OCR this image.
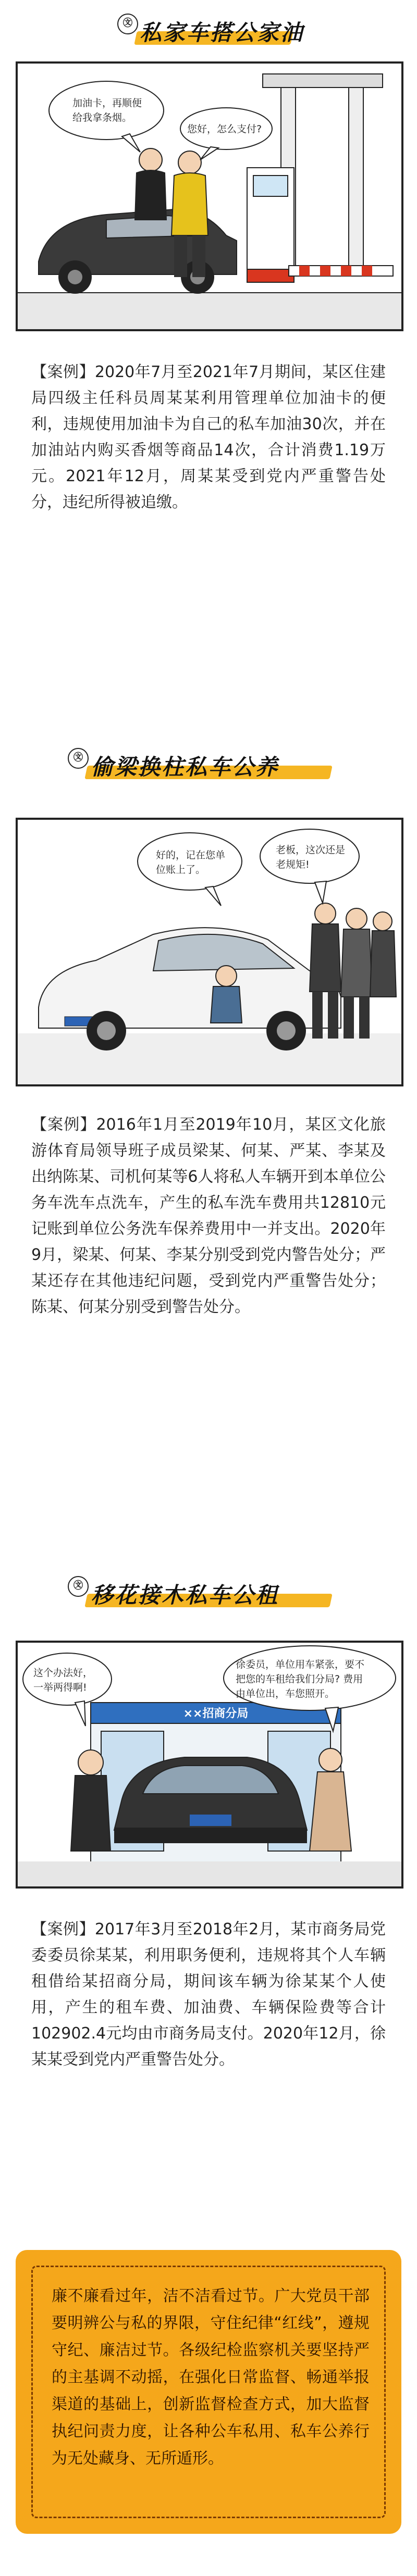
㉆ 私家车搭公家油
加油卡，再顺便
给我拿条烟。
您好，怎么支付?

【案例】2020年7月至2021年7月期间，某区住建局四级主任科员周某某利用管理单位加油卡的便利，违规使用加油卡为自己的私车加油30次，并在加油站内购买香烟等商品14次，合计消费1.19万元。2021年12月，周某某受到党内严重警告处分，违纪所得被追缴。

㉆ 偷梁换柱私车公养
好的，记在您单
位账上了。
老板，这次还是
老规矩!

【案例】2016年1月至2019年10月，某区文化旅游体育局领导班子成员梁某、何某、严某、李某及出纳陈某、司机何某等6人将私人车辆开到本单位公务车洗车点洗车，产生的私车洗车费用共12810元记账到单位公务洗车保养费用中一并支出。2020年9月，梁某、何某、李某分别受到党内警告处分；严某还存在其他违纪问题，受到党内严重警告处分；陈某、何某分别受到警告处分。

㉆ 移花接木私车公租
××招商分局
这个办法好，
一举两得啊!
徐委员，单位用车紧张，要不
把您的车租给我们分局? 费用
由单位出，车您照开。

【案例】2017年3月至2018年2月，某市商务局党委委员徐某某，利用职务便利，违规将其个人车辆租借给某招商分局，期间该车辆为徐某某个人使用，产生的租车费、加油费、车辆保险费等合计102902.4元均由市商务局支付。2020年12月，徐某某受到党内严重警告处分。

廉不廉看过年，洁不洁看过节。广大党员干部要明辨公与私的界限，守住纪律“红线”，遵规守纪、廉洁过节。各级纪检监察机关要坚持严的主基调不动摇，在强化日常监督、畅通举报渠道的基础上，创新监督检查方式，加大监督执纪问责力度，让各种公车私用、私车公养行为无处藏身、无所遁形。
